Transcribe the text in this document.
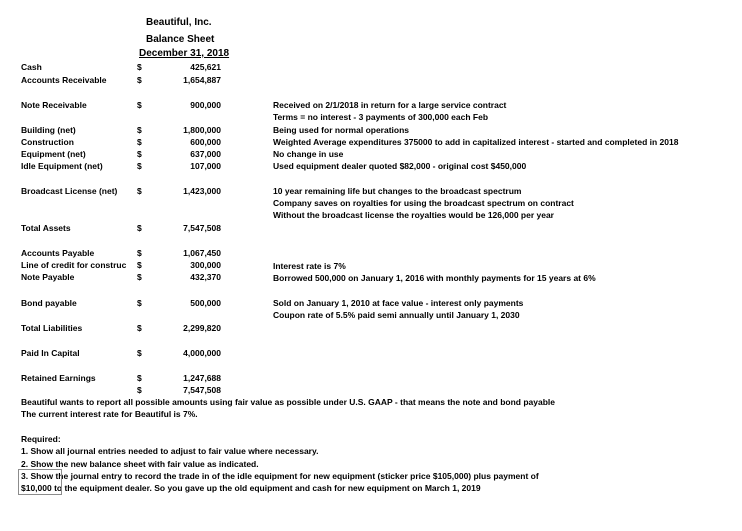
Beautiful, Inc.
Balance Sheet
December 31, 2018
Cash	$	425,621
Accounts Receivable	$	1,654,887
Note Receivable	$	900,000	Received on 2/1/2018 in return for a large service contract
Terms = no interest - 3 payments of 300,000 each Feb
Building (net)	$	1,800,000	Being used for normal operations
Construction	$	600,000	Weighted Average expenditures 375000 to add in capitalized interest - started and completed in 2018
Equipment (net)	$	637,000	No change in use
Idle Equipment (net)	$	107,000	Used equipment dealer quoted $82,000 - original cost $450,000
Broadcast License (net) $	1,423,000	10 year remaining life but changes to the broadcast spectrum
Company saves on royalties for using the broadcast spectrum on contract
Without the broadcast license the royalties would be 126,000 per year
Total Assets	$	7,547,508
Accounts Payable	$	1,067,450
Line of credit for construc	$	300,000	Interest rate is 7%
Note Payable	$	432,370	Borrowed 500,000 on January 1, 2016 with monthly payments for 15 years at 6%
Bond payable	$	500,000	Sold on January 1, 2010 at face value - interest only payments
Coupon rate of 5.5% paid semi annually until January 1, 2030
Total Liabilities	$	2,299,820
Paid In Capital	$	4,000,000
Retained Earnings	$	1,247,688
$	7,547,508
Beautiful wants to report all possible amounts using fair value as possible under U.S. GAAP - that means the note and bond payable
The current interest rate for Beautiful is 7%.
Required:
1. Show all journal entries needed to adjust to fair value where necessary.
2. Show the new balance sheet with fair value as indicated.
3. Show the journal entry to record the trade in of the idle equipment for new equipment (sticker price $105,000) plus payment of
$10,000 to the equipment dealer. So you gave up the old equipment and cash for new equipment on March 1, 2019
